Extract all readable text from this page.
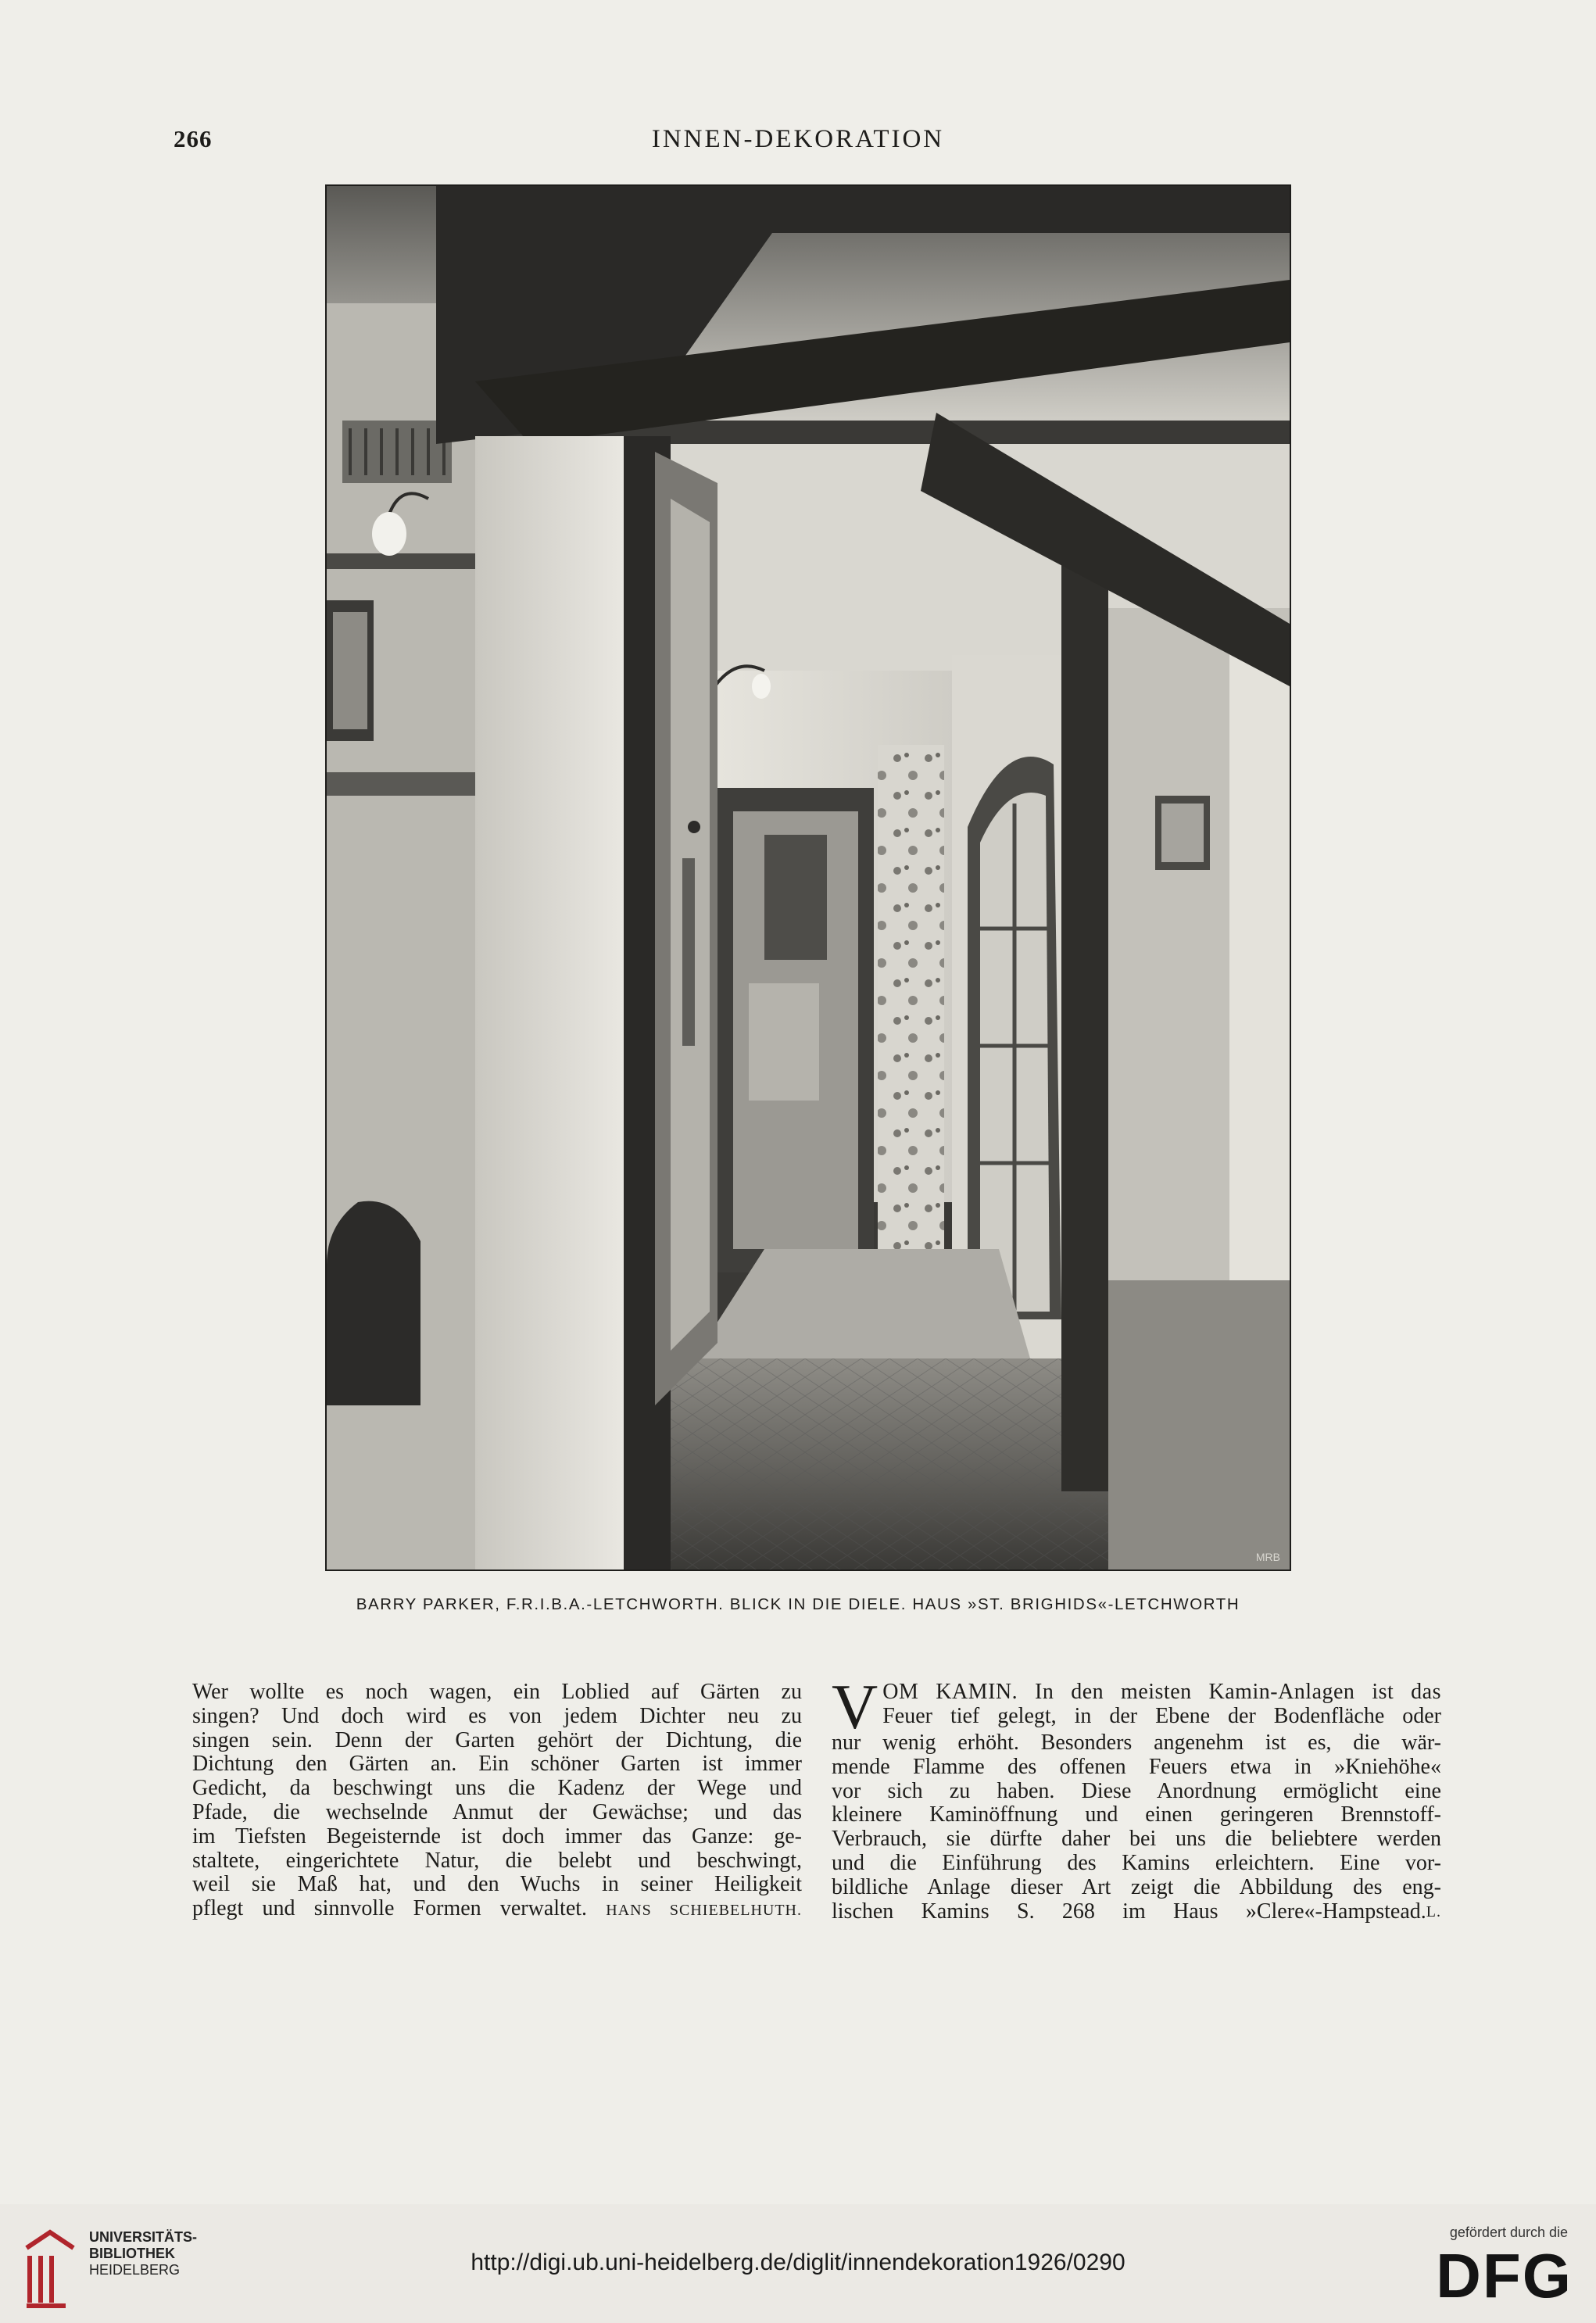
266	INNEN-DEKORATION
MRB
BARRY PARKER, F.R.I.B.A.-LETCHWORTH. BLICK IN DIE DIELE. HAUS »ST. BRIGHIDS«-LETCHWORTH
Wer wollte es noch wagen, ein Loblied auf Gärten zu
singen? Und doch wird es von jedem Dichter neu zu
singen sein. Denn der Garten gehört der Dichtung, die
Dichtung den Gärten an. Ein schöner Garten ist immer
Gedicht, da beschwingt uns die Kadenz der Wege und
Pfade, die wechselnde Anmut der Gewächse; und das
im Tiefsten Begeisternde ist doch immer das Ganze: ge-
staltete, eingerichtete Natur, die belebt und beschwingt,
weil sie Maß hat, und den Wuchs in seiner Heiligkeit
pflegt und sinnvolle Formen verwaltet. HANS SCHIEBELHUTH.
V OM KAMIN. In den meisten Kamin-Anlagen ist das
Feuer tief gelegt, in der Ebene der Bodenfläche oder
nur wenig erhöht. Besonders angenehm ist es, die wär-
mende Flamme des offenen Feuers etwa in »Kniehöhe«
vor sich zu haben. Diese Anordnung ermöglicht eine
kleinere Kaminöffnung und einen geringeren Brennstoff-
Verbrauch, sie dürfte daher bei uns die beliebtere werden
und die Einführung des Kamins erleichtern. Eine vor-
bildliche Anlage dieser Art zeigt die Abbildung des eng-
lischen Kamins S. 268 im Haus »Clere«-Hampstead. L.
UNIVERSITÄTS-
BIBLIOTHEK
HEIDELBERG	http://digi.ub.uni-heidelberg.de/diglit/innendekoration1926/0290
gefördert durch die
DFG
